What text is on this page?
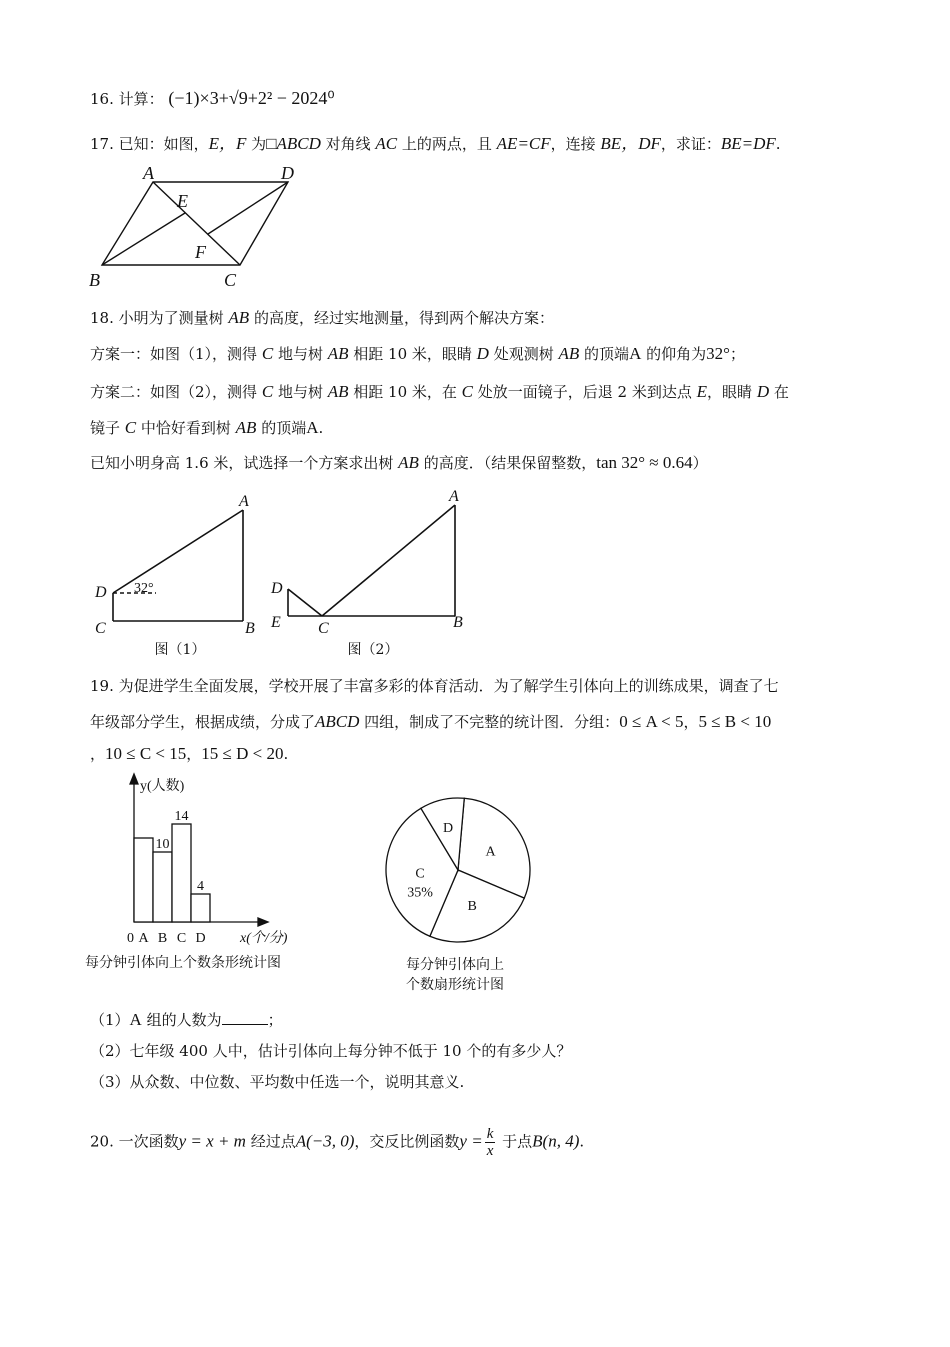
16. 计算： (−1)×3+√9+2² − 2024⁰
17. 已知：如图，E，F 为□ABCD 对角线 AC 上的两点，且 AE=CF，连接 BE，DF，求证：BE=DF.
A	D
E
F
B	C
18. 小明为了测量树 AB 的高度，经过实地测量，得到两个解决方案：
方案一：如图（1），测得 C 地与树 AB 相距 10 米，眼睛 D 处观测树 AB 的顶端A 的仰角为32°；
方案二：如图（2），测得 C 地与树 AB 相距 10 米，在 C 处放一面镜子，后退 2 米到达点 E，眼睛 D 在
镜子 C 中恰好看到树 AB 的顶端A.
已知小明身高 1.6 米，试选择一个方案求出树 AB 的高度．（结果保留整数，tan 32° ≈ 0.64）
A
D
C	B
32°
图（1）
A
D
E C	B
图（2）
19. 为促进学生全面发展，学校开展了丰富多彩的体育活动．为了解学生引体向上的训练成果，调查了七
年级部分学生，根据成绩，分成了ABCD 四组，制成了不完整的统计图．分组：0 ≤ A < 5，5 ≤ B < 10
，10 ≤ C < 15，15 ≤ D < 20.
A
10
B
14
C
4
D
y(人数)
0	x(个/分)
每分钟引体向上个数条形统计图
A
B
C
35%
D
每分钟引体向上
个数扇形统计图
（1）A 组的人数为	；
（2）七年级 400 人中，估计引体向上每分钟不低于 10 个的有多少人？
（3）从众数、中位数、平均数中任选一个，说明其意义.
20. 一次函数y = x + m 经过点A(−3, 0)，交反比例函数$y = \frac{k}{x}$ 于点B(n, 4).
